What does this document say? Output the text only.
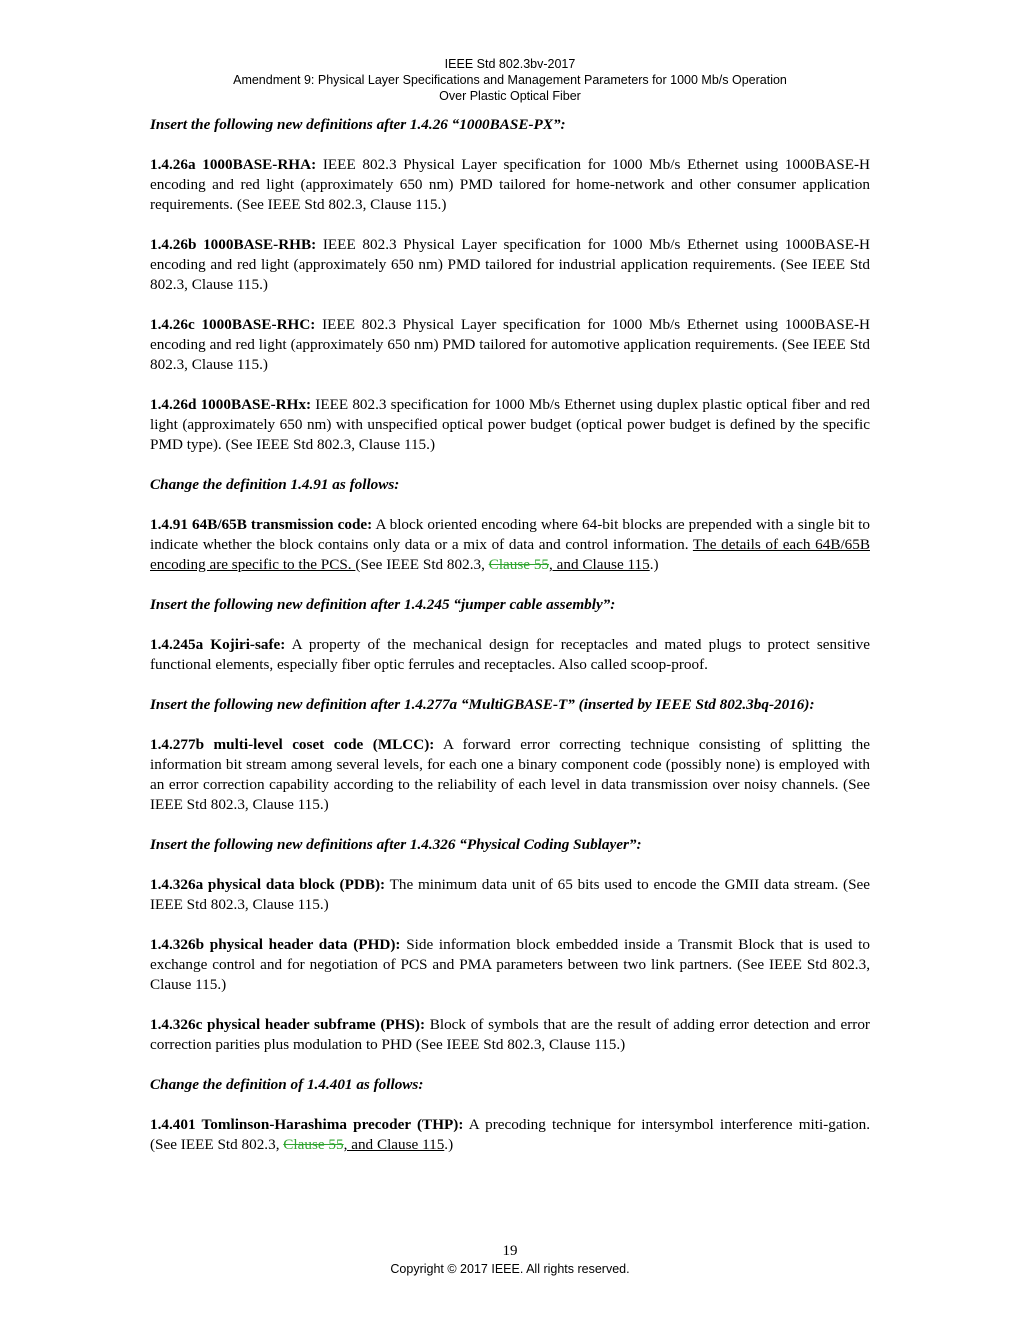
IEEE Std 802.3bv-2017
Amendment 9: Physical Layer Specifications and Management Parameters for 1000 Mb/s Operation
Over Plastic Optical Fiber

Insert the following new definitions after 1.4.26 “1000BASE-PX”:

1.4.26a 1000BASE-RHA: IEEE 802.3 Physical Layer specification for 1000 Mb/s Ethernet using 1000BASE-H encoding and red light (approximately 650 nm) PMD tailored for home-network and other consumer application requirements. (See IEEE Std 802.3, Clause 115.)

1.4.26b 1000BASE-RHB: IEEE 802.3 Physical Layer specification for 1000 Mb/s Ethernet using 1000BASE-H encoding and red light (approximately 650 nm) PMD tailored for industrial application requirements. (See IEEE Std 802.3, Clause 115.)

1.4.26c 1000BASE-RHC: IEEE 802.3 Physical Layer specification for 1000 Mb/s Ethernet using 1000BASE-H encoding and red light (approximately 650 nm) PMD tailored for automotive application requirements. (See IEEE Std 802.3, Clause 115.)

1.4.26d 1000BASE-RHx: IEEE 802.3 specification for 1000 Mb/s Ethernet using duplex plastic optical fiber and red light (approximately 650 nm) with unspecified optical power budget (optical power budget is defined by the specific PMD type). (See IEEE Std 802.3, Clause 115.)

Change the definition 1.4.91 as follows:

1.4.91 64B/65B transmission code: A block oriented encoding where 64-bit blocks are prepended with a single bit to indicate whether the block contains only data or a mix of data and control information. The details of each 64B/65B encoding are specific to the PCS. (See IEEE Std 802.3, Clause 55, and Clause 115.)

Insert the following new definition after 1.4.245 “jumper cable assembly”:

1.4.245a Kojiri-safe: A property of the mechanical design for receptacles and mated plugs to protect sensitive functional elements, especially fiber optic ferrules and receptacles. Also called scoop-proof.

Insert the following new definition after 1.4.277a “MultiGBASE-T” (inserted by IEEE Std 802.3bq-2016):

1.4.277b multi-level coset code (MLCC): A forward error correcting technique consisting of splitting the information bit stream among several levels, for each one a binary component code (possibly none) is employed with an error correction capability according to the reliability of each level in data transmission over noisy channels. (See IEEE Std 802.3, Clause 115.)

Insert the following new definitions after 1.4.326 “Physical Coding Sublayer”:

1.4.326a physical data block (PDB): The minimum data unit of 65 bits used to encode the GMII data stream. (See IEEE Std 802.3, Clause 115.)

1.4.326b physical header data (PHD): Side information block embedded inside a Transmit Block that is used to exchange control and for negotiation of PCS and PMA parameters between two link partners. (See IEEE Std 802.3, Clause 115.)

1.4.326c physical header subframe (PHS): Block of symbols that are the result of adding error detection and error correction parities plus modulation to PHD (See IEEE Std 802.3, Clause 115.)

Change the definition of 1.4.401 as follows:

1.4.401 Tomlinson-Harashima precoder (THP): A precoding technique for intersymbol interference miti-gation. (See IEEE Std 802.3, Clause 55, and Clause 115.)

19
Copyright © 2017 IEEE. All rights reserved.
